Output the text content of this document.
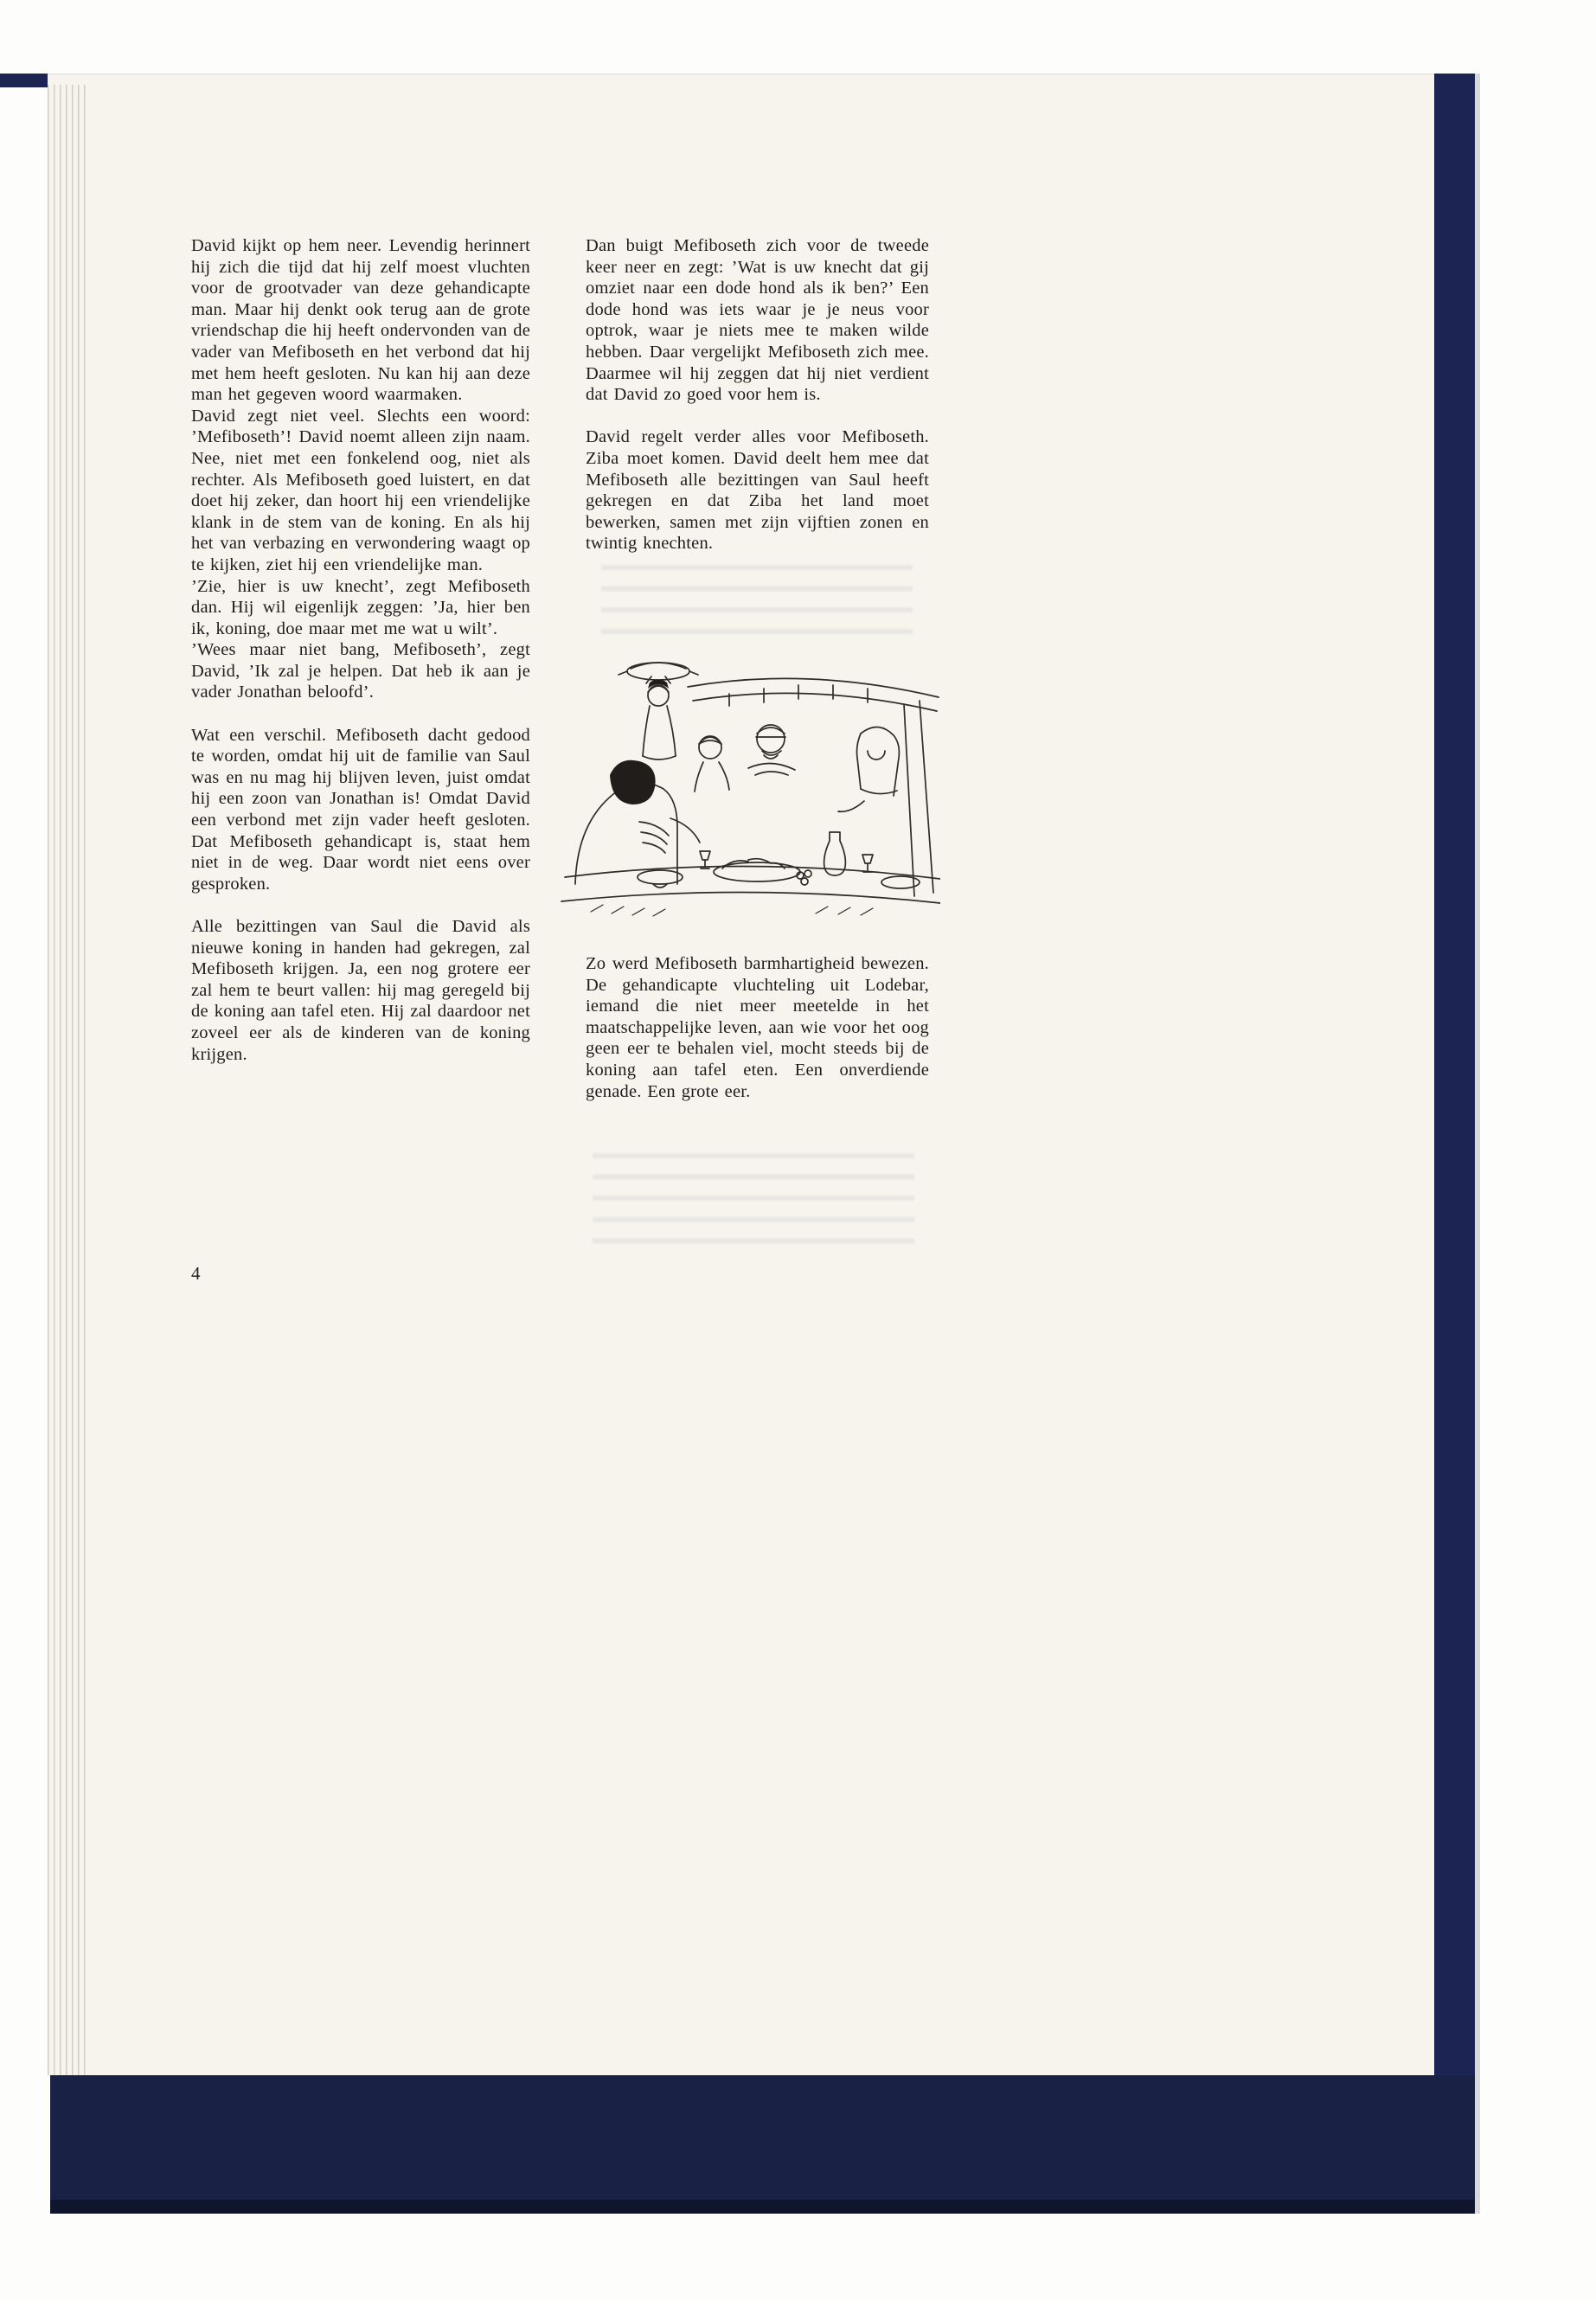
David kijkt op hem neer. Levendig herinnert hij zich die tijd dat hij zelf moest vluchten voor de grootvader van deze gehandicapte man. Maar hij denkt ook terug aan de grote vriendschap die hij heeft ondervonden van de vader van Mefiboseth en het verbond dat hij met hem heeft gesloten. Nu kan hij aan deze man het gegeven woord waarmaken.

David zegt niet veel. Slechts een woord: ’Mefiboseth’! David noemt alleen zijn naam. Nee, niet met een fonkelend oog, niet als rechter. Als Mefiboseth goed luistert, en dat doet hij zeker, dan hoort hij een vriendelijke klank in de stem van de koning. En als hij het van verbazing en verwondering waagt op te kijken, ziet hij een vriendelijke man.

’Zie, hier is uw knecht’, zegt Mefiboseth dan. Hij wil eigenlijk zeggen: ’Ja, hier ben ik, koning, doe maar met me wat u wilt’.

’Wees maar niet bang, Mefiboseth’, zegt David, ’Ik zal je helpen. Dat heb ik aan je vader Jonathan beloofd’.

Wat een verschil. Mefiboseth dacht gedood te worden, omdat hij uit de familie van Saul was en nu mag hij blijven leven, juist omdat hij een zoon van Jonathan is! Omdat David een verbond met zijn vader heeft gesloten. Dat Mefiboseth gehandicapt is, staat hem niet in de weg. Daar wordt niet eens over gesproken.

Alle bezittingen van Saul die David als nieuwe koning in handen had gekregen, zal Mefiboseth krijgen. Ja, een nog grotere eer zal hem te beurt vallen: hij mag geregeld bij de koning aan tafel eten. Hij zal daardoor net zoveel eer als de kinderen van de koning krijgen.

Dan buigt Mefiboseth zich voor de tweede keer neer en zegt: ’Wat is uw knecht dat gij omziet naar een dode hond als ik ben?’ Een dode hond was iets waar je je neus voor optrok, waar je niets mee te maken wilde hebben. Daar vergelijkt Mefiboseth zich mee. Daarmee wil hij zeggen dat hij niet verdient dat David zo goed voor hem is.

David regelt verder alles voor Mefiboseth. Ziba moet komen. David deelt hem mee dat Mefiboseth alle bezittingen van Saul heeft gekregen en dat Ziba het land moet bewerken, samen met zijn vijftien zonen en twintig knechten.

Zo werd Mefiboseth barmhartigheid bewezen. De gehandicapte vluchteling uit Lodebar, iemand die niet meer meetelde in het maatschappelijke leven, aan wie voor het oog geen eer te behalen viel, mocht steeds bij de koning aan tafel eten. Een onverdiende genade. Een grote eer.

4
